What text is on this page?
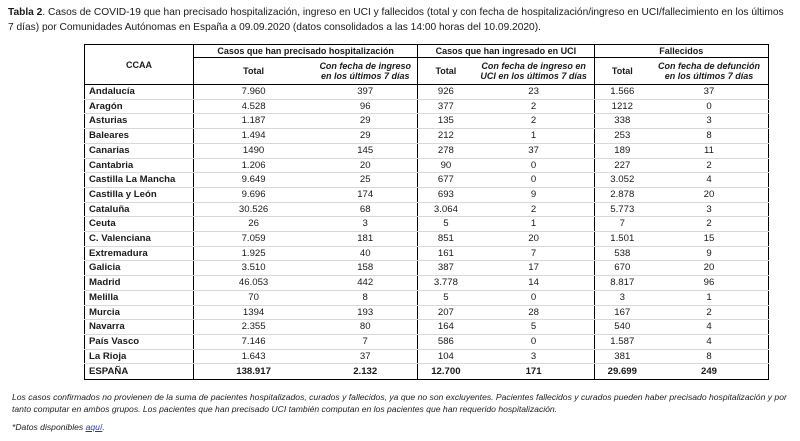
Tabla 2. Casos de COVID-19 que han precisado hospitalización, ingreso en UCI y fallecidos (total y con fecha de hospitalización/ingreso en UCI/fallecimiento en los últimos 7 días) por Comunidades Autónomas en España a 09.09.2020 (datos consolidados a las 14:00 horas del 10.09.2020).
CCAA	Casos que han precisado hospitalización		Casos que han ingresado en UCI		Fallecidos	
	Total	Con fecha de ingreso en los últimos 7 días	Total	Con fecha de ingreso en UCI en los últimos 7 días	Total	Con fecha de defunción en los últimos 7 días
Andalucía	7.960	397	926	23	1.566	37
Aragón	4.528	96	377	2	1212	0
Asturias	1.187	29	135	2	338	3
Baleares	1.494	29	212	1	253	8
Canarias	1490	145	278	37	189	11
Cantabria	1.206	20	90	0	227	2
Castilla La Mancha	9.649	25	677	0	3.052	4
Castilla y León	9.696	174	693	9	2.878	20
Cataluña	30.526	68	3.064	2	5.773	3
Ceuta	26	3	5	1	7	2
C. Valenciana	7.059	181	851	20	1.501	15
Extremadura	1.925	40	161	7	538	9
Galicia	3.510	158	387	17	670	20
Madrid	46.053	442	3.778	14	8.817	96
Melilla	70	8	5	0	3	1
Murcia	1394	193	207	28	167	2
Navarra	2.355	80	164	5	540	4
País Vasco	7.146	7	586	0	1.587	4
La Rioja	1.643	37	104	3	381	8
ESPAÑA	138.917	2.132	12.700	171	29.699	249
Los casos confirmados no provienen de la suma de pacientes hospitalizados, curados y fallecidos, ya que no son excluyentes. Pacientes fallecidos y curados pueden haber precisado hospitalización y por tanto computar en ambos grupos. Los pacientes que han precisado UCI también computan en los pacientes que han requerido hospitalización.
*Datos disponibles aquí.
